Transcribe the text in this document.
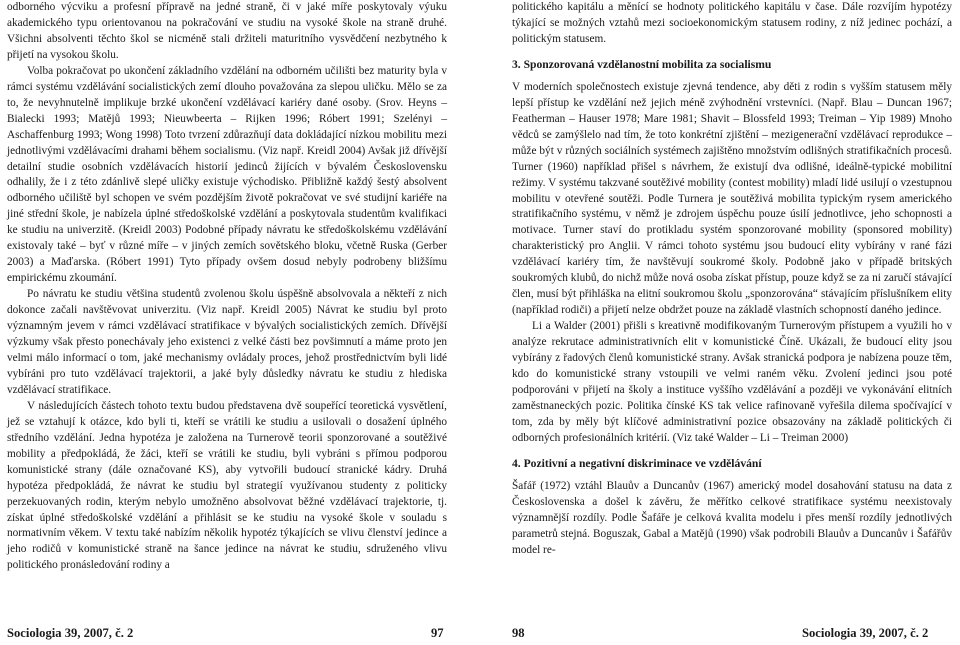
odborného výcviku a profesní přípravě na jedné straně, či v jaké míře poskytovaly výuku akademického typu orientovanou na pokračování ve studiu na vysoké škole na straně druhé. Všichni absolventi těchto škol se nicméně stali držiteli maturitního vysvědčení nezbytného k přijetí na vysokou školu.

Volba pokračovat po ukončení základního vzdělání na odborném učilišti bez maturity byla v rámci systému vzdělávání socialistických zemí dlouho považována za slepou uličku. Mělo se za to, že nevyhnutelně implikuje brzké ukončení vzdělávací kariéry dané osoby. (Srov. Heyns – Bialecki 1993; Matějů 1993; Nieuwbeerta – Rijken 1996; Róbert 1991; Szelényi – Aschaffenburg 1993; Wong 1998) Toto tvrzení zdůrazňují data dokládající nízkou mobilitu mezi jednotlivými vzdělávacími drahami během socialismu. (Viz např. Kreidl 2004) Avšak již dřívější detailní studie osobních vzdělávacích historií jedinců žijících v bývalém Československu odhalily, že i z této zdánlivě slepé uličky existuje východisko. Přibližně každý šestý absolvent odborného učiliště byl schopen ve svém pozdějším životě pokračovat ve své studijní kariéře na jiné střední škole, je nabízela úplné středoškolské vzdělání a poskytovala studentům kvalifikaci ke studiu na univerzitě. (Kreidl 2003) Podobné případy návratu ke středoškolskému vzdělávání existovaly také – byť v různé míře – v jiných zemích sovětského bloku, včetně Ruska (Gerber 2003) a Maďarska. (Róbert 1991) Tyto případy ovšem dosud nebyly podrobeny bližšímu empirickému zkoumání.

Po návratu ke studiu většina studentů zvolenou školu úspěšně absolvovala a někteří z nich dokonce začali navštěvovat univerzitu. (Viz např. Kreidl 2005) Návrat ke studiu byl proto významným jevem v rámci vzdělávací stratifikace v bývalých socialistických zemích. Dřívější výzkumy však přesto ponechávaly jeho existenci z velké části bez povšimnutí a máme proto jen velmi málo informací o tom, jaké mechanismy ovládaly proces, jehož prostřednictvím byli lidé vybíráni pro tuto vzdělávací trajektorii, a jaké byly důsledky návratu ke studiu z hlediska vzdělávací stratifikace.

V následujících částech tohoto textu budou představena dvě soupeřící teoretická vysvětlení, jež se vztahují k otázce, kdo byli ti, kteří se vrátili ke studiu a usilovali o dosažení úplného středního vzdělání. Jedna hypotéza je založena na Turnerově teorii sponzorované a soutěživé mobility a předpokládá, že žáci, kteří se vrátili ke studiu, byli vybráni s přímou podporou komunistické strany (dále označované KS), aby vytvořili budoucí stranické kádry. Druhá hypotéza předpokládá, že návrat ke studiu byl strategií využívanou studenty z politicky perzekuovaných rodin, kterým nebylo umožněno absolvovat běžné vzdělávací trajektorie, tj. získat úplné středoškolské vzdělání a přihlásit se ke studiu na vysoké škole v souladu s normativním věkem. V textu také nabízím několik hypotéz týkajících se vlivu členství jedince a jeho rodičů v komunistické straně na šance jedince na návrat ke studiu, sdruženého vlivu politického pronásledování rodiny a

politického kapitálu a měnící se hodnoty politického kapitálu v čase. Dále rozvíjím hypotézy týkající se možných vztahů mezi socioekonomickým statusem rodiny, z níž jedinec pochází, a politickým statusem.

3. Sponzorovaná vzdělanostní mobilita za socialismu

V moderních společnostech existuje zjevná tendence, aby děti z rodin s vyšším statusem měly lepší přístup ke vzdělání než jejich méně zvýhodnění vrstevníci. (Např. Blau – Duncan 1967; Featherman – Hauser 1978; Mare 1981; Shavit – Blossfeld 1993; Treiman – Yip 1989) Mnoho vědců se zamýšlelo nad tím, že toto konkrétní zjištění – mezigenerační vzdělávací reprodukce – může být v různých sociálních systémech zajištěno množstvím odlišných stratifikačních procesů. Turner (1960) například přišel s návrhem, že existují dva odlišné, ideálně-typické mobilitní režimy. V systému takzvané soutěživé mobility (contest mobility) mladí lidé usilují o vzestupnou mobilitu v otevřené soutěži. Podle Turnera je soutěživá mobilita typickým rysem amerického stratifikačního systému, v němž je zdrojem úspěchu pouze úsilí jednotlivce, jeho schopnosti a motivace. Turner staví do protikladu systém sponzorované mobility (sponsored mobility) charakteristický pro Anglii. V rámci tohoto systému jsou budoucí elity vybírány v rané fázi vzdělávací kariéry tím, že navštěvují soukromé školy. Podobně jako v případě britských soukromých klubů, do nichž může nová osoba získat přístup, pouze když se za ni zaručí stávající člen, musí být přihláška na elitní soukromou školu „sponzorována“ stávajícím příslušníkem elity (například rodiči) a přijetí nelze obdržet pouze na základě vlastních schopností daného jedince.

Li a Walder (2001) přišli s kreativně modifikovaným Turnerovým přístupem a využili ho v analýze rekrutace administrativních elit v komunistické Číně. Ukázali, že budoucí elity jsou vybírány z řadových členů komunistické strany. Avšak stranická podpora je nabízena pouze těm, kdo do komunistické strany vstoupili ve velmi raném věku. Zvolení jedinci jsou poté podporováni v přijetí na školy a instituce vyššího vzdělávání a později ve vykonávání elitních zaměstnaneckých pozic. Politika čínské KS tak velice rafinovaně vyřešila dilema spočívající v tom, zda by měly být klíčové administrativní pozice obsazovány na základě politických či odborných profesionálních kritérií. (Viz také Walder – Li – Treiman 2000)

4. Pozitivní a negativní diskriminace ve vzdělávání

Šafář (1972) vztáhl Blauův a Duncanův (1967) americký model dosahování statusu na data z Československa a došel k závěru, že měřítko celkové stratifikace systému neexistovaly významnější rozdíly. Podle Šafáře je celková kvalita modelu i přes menší rozdíly jednotlivých parametrů stejná. Boguszak, Gabal a Matějů (1990) však podrobili Blauův a Duncanův i Šafářův model re-

Sociologia 39, 2007, č. 2	97	98	Sociologia 39, 2007, č. 2
